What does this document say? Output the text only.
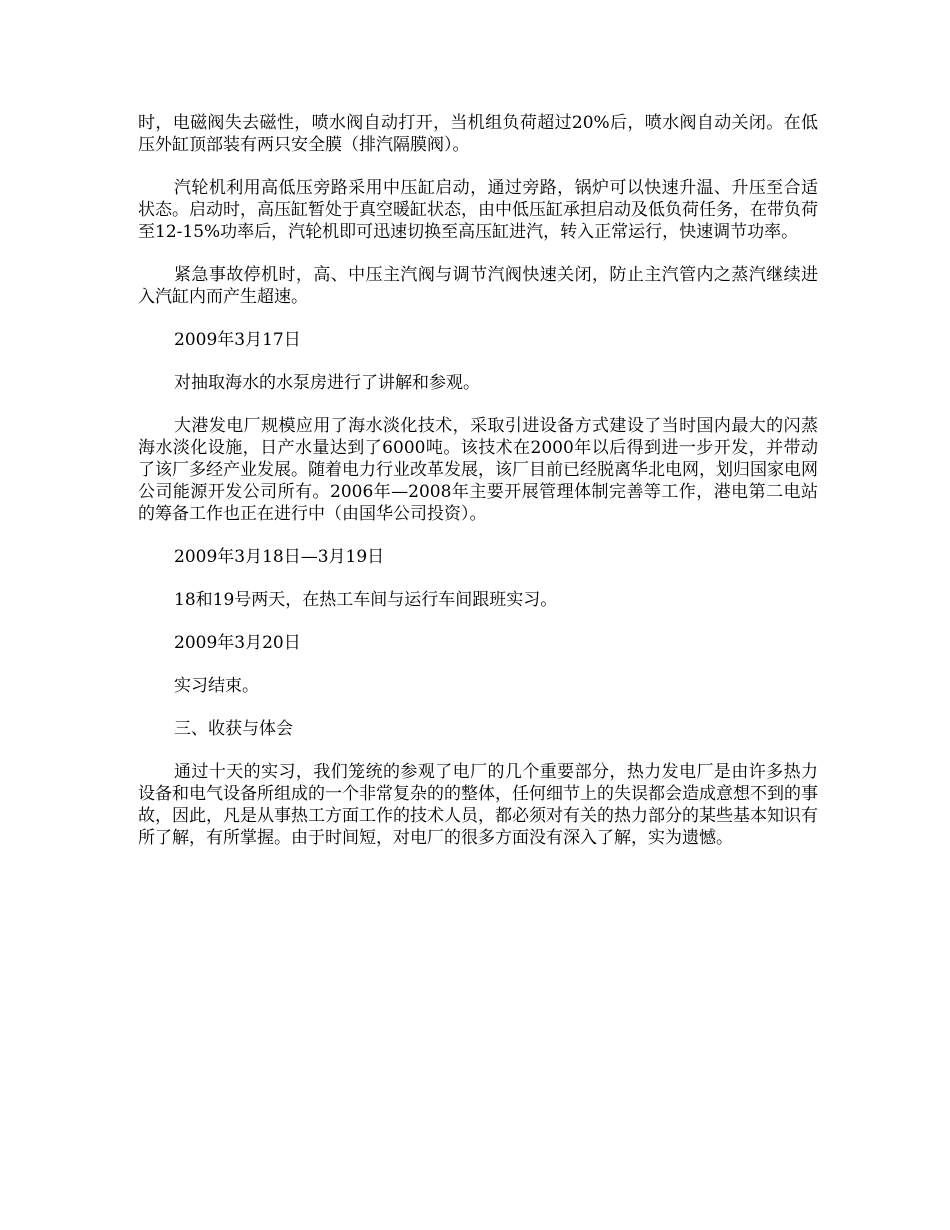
时，电磁阀失去磁性，喷水阀自动打开，当机组负荷超过20%后，喷水阀自动关闭。在低压外缸顶部装有两只安全膜（排汽隔膜阀）。

汽轮机利用高低压旁路采用中压缸启动，通过旁路，锅炉可以快速升温、升压至合适状态。启动时，高压缸暂处于真空暖缸状态，由中低压缸承担启动及低负荷任务，在带负荷至12-15%功率后，汽轮机即可迅速切换至高压缸进汽，转入正常运行，快速调节功率。

紧急事故停机时，高、中压主汽阀与调节汽阀快速关闭，防止主汽管内之蒸汽继续进入汽缸内而产生超速。

2009年3月17日

对抽取海水的水泵房进行了讲解和参观。

大港发电厂规模应用了海水淡化技术，采取引进设备方式建设了当时国内最大的闪蒸海水淡化设施，日产水量达到了6000吨。该技术在2000年以后得到进一步开发，并带动了该厂多经产业发展。随着电力行业改革发展，该厂目前已经脱离华北电网，划归国家电网公司能源开发公司所有。2006年—2008年主要开展管理体制完善等工作，港电第二电站的筹备工作也正在进行中（由国华公司投资）。

2009年3月18日—3月19日

18和19号两天，在热工车间与运行车间跟班实习。

2009年3月20日

实习结束。

三、收获与体会

通过十天的实习，我们笼统的参观了电厂的几个重要部分，热力发电厂是由许多热力设备和电气设备所组成的一个非常复杂的的整体，任何细节上的失误都会造成意想不到的事故，因此，凡是从事热工方面工作的技术人员，都必须对有关的热力部分的某些基本知识有所了解，有所掌握。由于时间短，对电厂的很多方面没有深入了解，实为遗憾。
